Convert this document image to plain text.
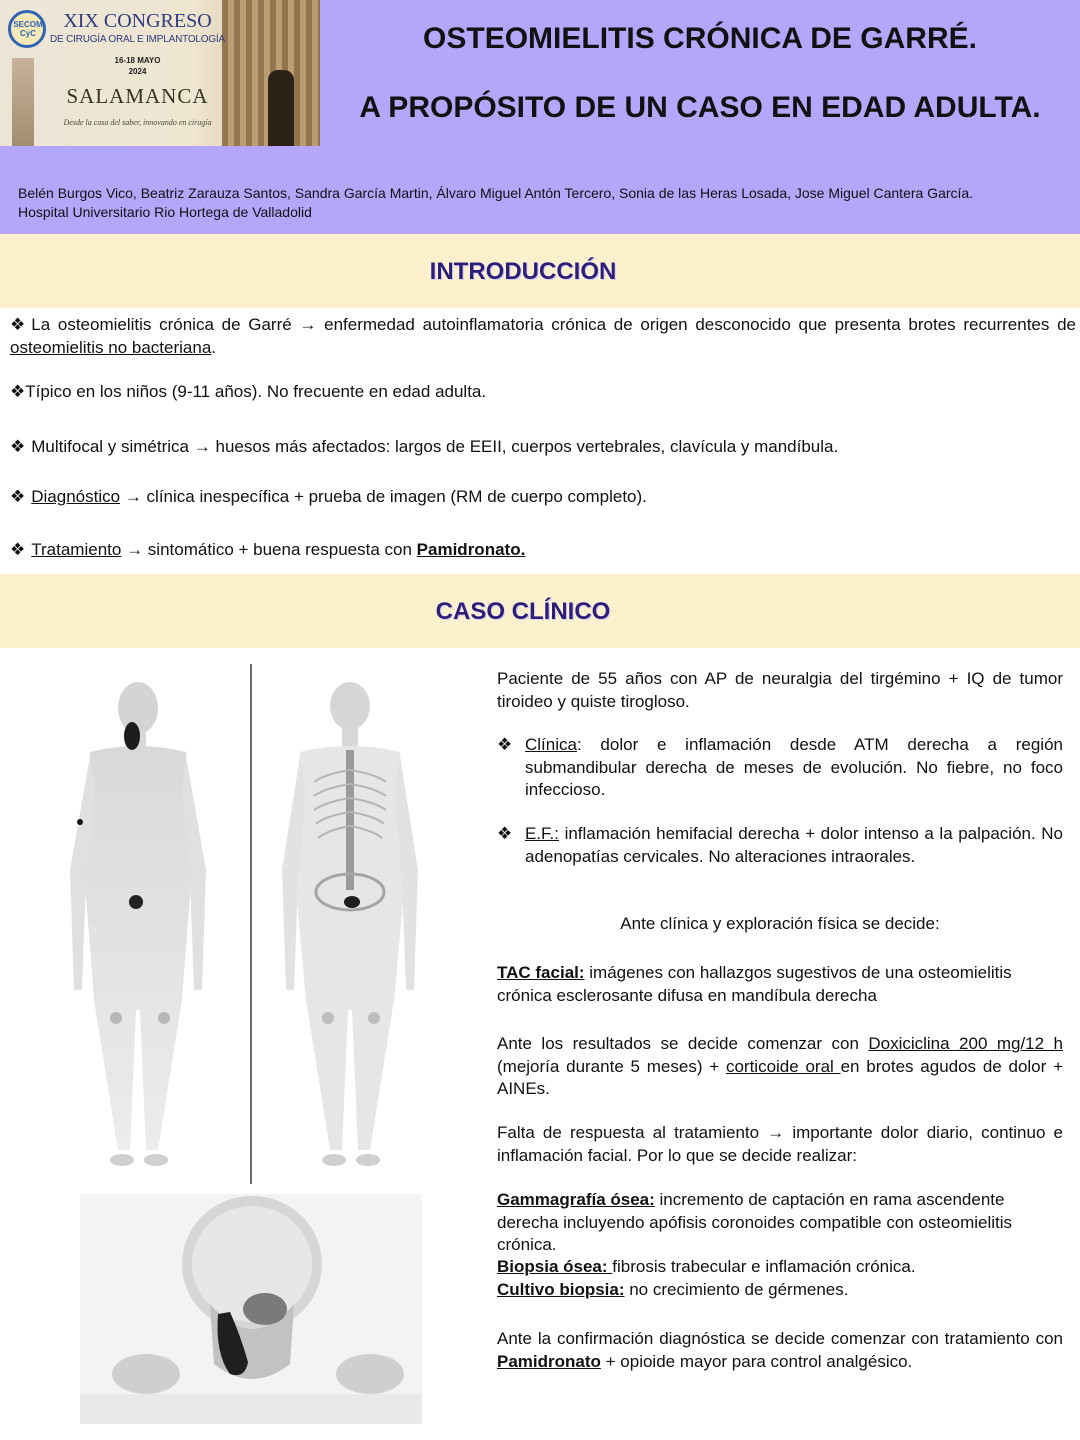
SECOM CyC
XIX CONGRESO
DE CIRUGÍA ORAL E IMPLANTOLOGÍA
16-18 MAYO
2024
SALAMANCA
Desde la casa del saber, innovando en cirugía
OSTEOMIELITIS CRÓNICA DE GARRÉ.
A PROPÓSITO DE UN CASO EN EDAD ADULTA.
Belén Burgos Vico, Beatriz Zarauza Santos, Sandra García Martin, Álvaro Miguel Antón Tercero, Sonia de las Heras Losada, Jose Miguel Cantera García.
Hospital Universitario Rio Hortega de Valladolid
INTRODUCCIÓN
❖ La osteomielitis crónica de Garré → enfermedad autoinflamatoria crónica de origen desconocido que presenta brotes recurrentes de osteomielitis no bacteriana.
❖Típico en los niños (9-11 años). No frecuente en edad adulta.
❖ Multifocal y simétrica → huesos más afectados: largos de EEII, cuerpos vertebrales, clavícula y mandíbula.
❖ Diagnóstico → clínica inespecífica + prueba de imagen (RM de cuerpo completo).
❖ Tratamiento → sintomático + buena respuesta con Pamidronato.
CASO CLÍNICO
Paciente de 55 años con AP de neuralgia del tirgémino + IQ de tumor tiroideo y quiste tirogloso.
❖ Clínica: dolor e inflamación desde ATM derecha a región submandibular derecha de meses de evolución. No fiebre, no foco infeccioso.
❖ E.F.: inflamación hemifacial derecha + dolor intenso a la palpación. No adenopatías cervicales. No alteraciones intraorales.
Ante clínica y exploración física se decide:
TAC facial: imágenes con hallazgos sugestivos de una osteomielitis crónica esclerosante difusa en mandíbula derecha
Ante los resultados se decide comenzar con Doxiciclina 200 mg/12 h (mejoría durante 5 meses) + corticoide oral en brotes agudos de dolor + AINEs.
Falta de respuesta al tratamiento → importante dolor diario, continuo e inflamación facial. Por lo que se decide realizar:
Gammagrafía ósea: incremento de captación en rama ascendente derecha incluyendo apófisis coronoides compatible con osteomielitis crónica.
Biopsia ósea: fibrosis trabecular e inflamación crónica.
Cultivo biopsia: no crecimiento de gérmenes.
Ante la confirmación diagnóstica se decide comenzar con tratamiento con Pamidronato + opioide mayor para control analgésico.
